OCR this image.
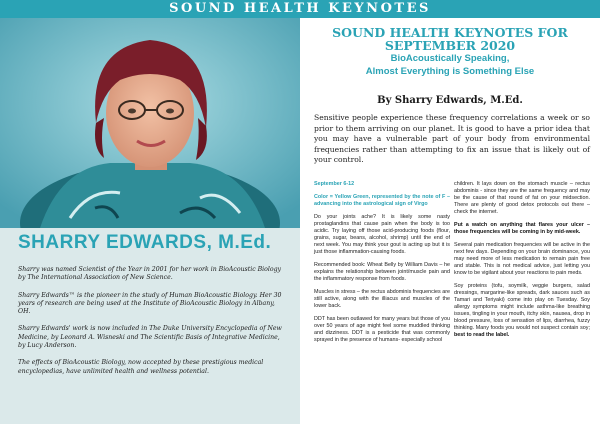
SOUND HEALTH KEYNOTES
SHARRY EDWARDS, M.Ed.

Sharry was named Scientist of the Year in 2001 for her work in BioAcoustic Biology by The International Association of New Science.

Sharry Edwards™ is the pioneer in the study of Human BioAcoustic Biology. Her 30 years of research are being used at the Institute of BioAcoustic Biology in Albany, OH.

Sharry Edwards' work is now included in The Duke University Encyclopedia of New Medicine, by Leonard A. Wisneski and The Scientific Basis of Integrative Medicine, by Lucy Anderson.

The effects of BioAcoustic Biology, now accepted by these prestigious medical encyclopedias, have unlimited health and wellness potential.

SOUND HEALTH KEYNOTES FOR
SEPTEMBER 2020
BioAcoustically Speaking,
Almost Everything is Something Else
By Sharry Edwards, M.Ed.
Sensitive people experience these frequency correlations a week or so prior to them arriving on our planet. It is good to have a prior idea that you may have a vulnerable part of your body from environmental frequencies rather than attempting to fix an issue that is likely out of your control.

September 6-12

Color = Yellow Green, represented by the note of F – advancing into the astrological sign of Virgo

Do your joints ache? It is likely some nasty prostaglandins that cause pain when the body is too acidic. Try laying off those acid-producing foods (flour, grains, sugar, beans, alcohol, shrimp) until the end of next week. You may think your gout is acting up but it is just those inflammation-causing foods.

Recommended book: Wheat Belly by William Davis – he explains the relationship between joint/muscle pain and the inflammatory response from foods.

Muscles in stress – the rectus abdominis frequencies are still active, along with the illiacus and muscles of the lower back.

DDT has been outlawed for many years but those of you over 50 years of age might feel some muddled thinking and dizziness. DDT is a pesticide that was commonly sprayed in the presence of humans- especially school

children. It lays down on the stomach muscle – rectus abdominis - since they are the same frequency and may be the cause of that round of fat on your midsection. There are plenty of good detox protocols out there – check the internet.

Put a watch on anything that flares your ulcer – those frequencies will be coming in by mid-week.

Several pain medication frequencies will be active in the next few days. Depending on your brain dominance, you may need more of less medication to remain pain free and stable. This is not medical advice, just letting you know to be vigilant about your reactions to pain meds.

Soy proteins (tofu, soymilk, veggie burgers, salad dressings, margarine-like spreads, dark sauces such as Tamari and Teriyaki) come into play on Tuesday. Soy allergy symptoms might include asthma-like breathing issues, tingling in your mouth, itchy skin, nausea, drop in blood pressure, loss of sensation of lips, diarrhea, fuzzy thinking. Many foods you would not suspect contain soy; best to read the label.
